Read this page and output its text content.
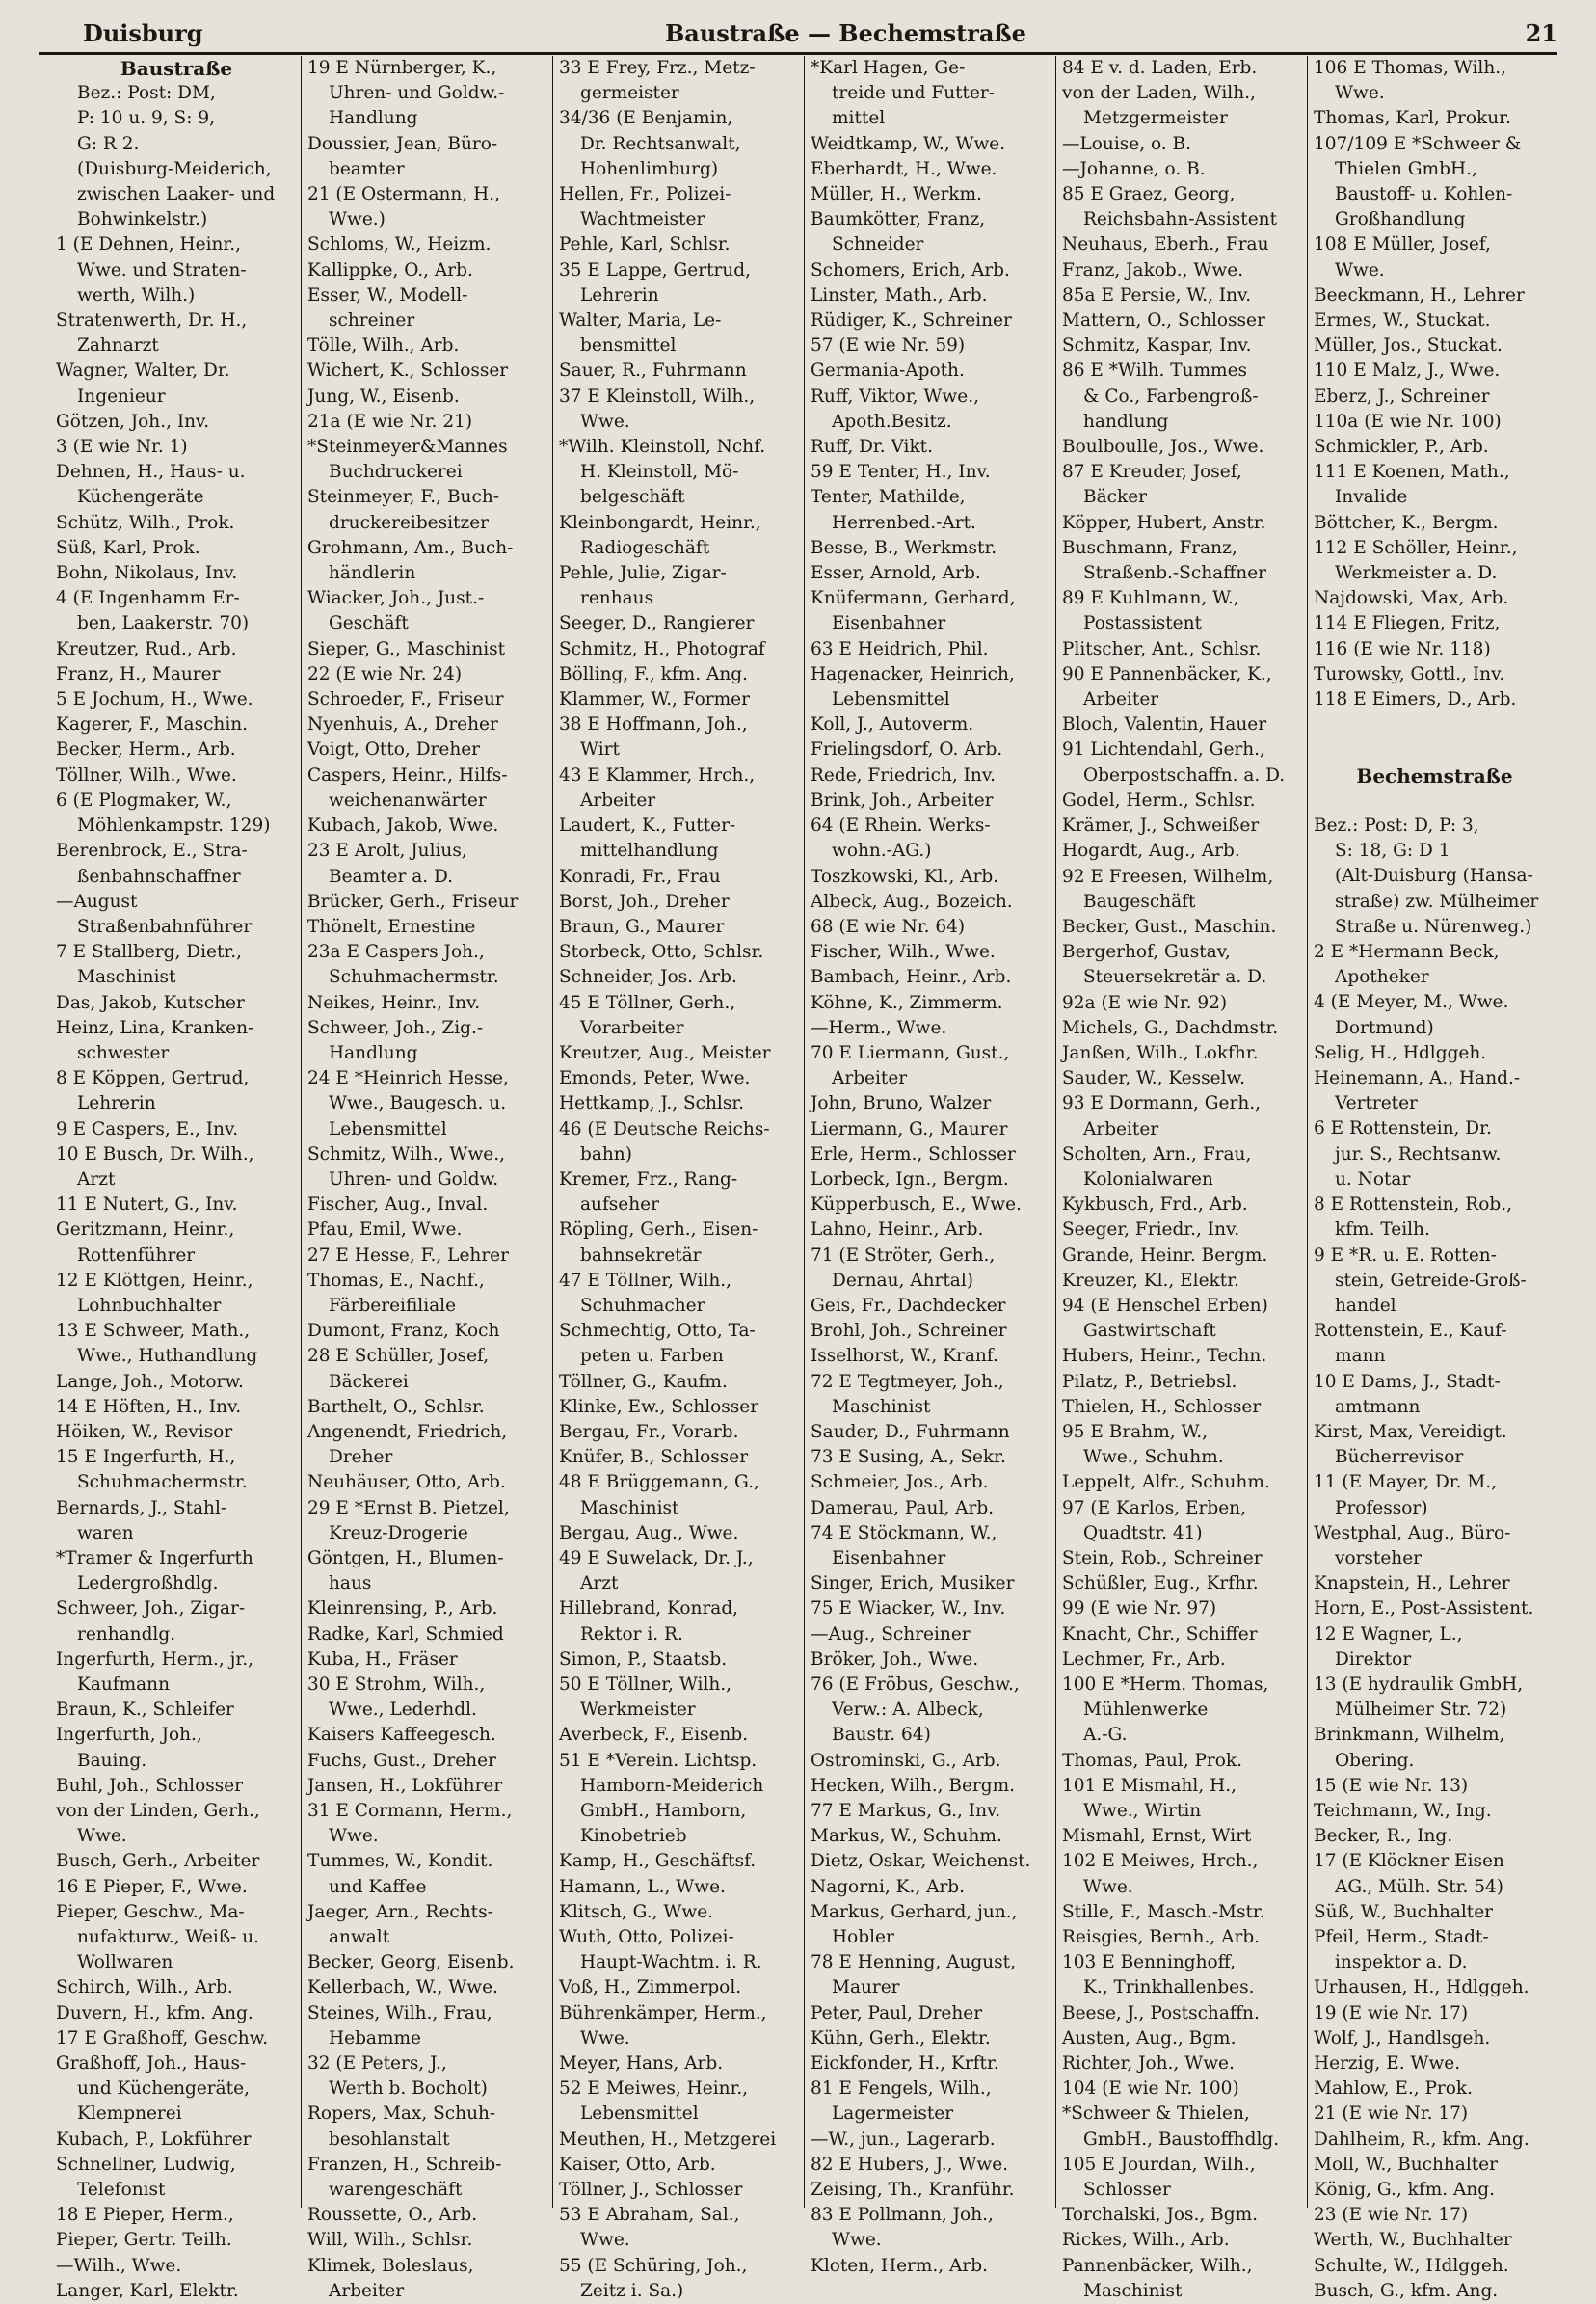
Duisburg	Baustraße — Bechemstraße	21
Baustraße
Bez.: Post: DM,
P: 10 u. 9, S: 9,
G: R 2.
(Duisburg-Meiderich,
zwischen Laaker- und
Bohwinkelstr.)
1 (E Dehnen, Heinr.,
Wwe. und Straten-
werth, Wilh.)
Stratenwerth, Dr. H.,
Zahnarzt
Wagner, Walter, Dr.
Ingenieur
Götzen, Joh., Inv.
3 (E wie Nr. 1)
Dehnen, H., Haus- u.
Küchengeräte
Schütz, Wilh., Prok.
Süß, Karl, Prok.
Bohn, Nikolaus, Inv.
4 (E Ingenhamm Er-
ben, Laakerstr. 70)
Kreutzer, Rud., Arb.
Franz, H., Maurer
5 E Jochum, H., Wwe.
Kagerer, F., Maschin.
Becker, Herm., Arb.
Töllner, Wilh., Wwe.
6 (E Plogmaker, W.,
Möhlenkampstr. 129)
Berenbrock, E., Stra-
ßenbahnschaffner
—August
Straßenbahnführer
7 E Stallberg, Dietr.,
Maschinist
Das, Jakob, Kutscher
Heinz, Lina, Kranken-
schwester
8 E Köppen, Gertrud,
Lehrerin
9 E Caspers, E., Inv.
10 E Busch, Dr. Wilh.,
Arzt
11 E Nutert, G., Inv.
Geritzmann, Heinr.,
Rottenführer
12 E Klöttgen, Heinr.,
Lohnbuchhalter
13 E Schweer, Math.,
Wwe., Huthandlung
Lange, Joh., Motorw.
14 E Höften, H., Inv.
Höiken, W., Revisor
15 E Ingerfurth, H.,
Schuhmachermstr.
Bernards, J., Stahl-
waren
*Tramer & Ingerfurth
Ledergroßhdlg.
Schweer, Joh., Zigar-
renhandlg.
Ingerfurth, Herm., jr.,
Kaufmann
Braun, K., Schleifer
Ingerfurth, Joh.,
Bauing.
Buhl, Joh., Schlosser
von der Linden, Gerh.,
Wwe.
Busch, Gerh., Arbeiter
16 E Pieper, F., Wwe.
Pieper, Geschw., Ma-
nufakturw., Weiß- u.
Wollwaren
Schirch, Wilh., Arb.
Duvern, H., kfm. Ang.
17 E Graßhoff, Geschw.
Graßhoff, Joh., Haus-
und Küchengeräte,
Klempnerei
Kubach, P., Lokführer
Schnellner, Ludwig,
Telefonist
18 E Pieper, Herm.,
Pieper, Gertr. Teilh.
—Wilh., Wwe.
Langer, Karl, Elektr.
19 E Nürnberger, K.,
Uhren- und Goldw.-
Handlung
Doussier, Jean, Büro-
beamter
21 (E Ostermann, H.,
Wwe.)
Schloms, W., Heizm.
Kallippke, O., Arb.
Esser, W., Modell-
schreiner
Tölle, Wilh., Arb.
Wichert, K., Schlosser
Jung, W., Eisenb.
21a (E wie Nr. 21)
*Steinmeyer&Mannes
Buchdruckerei
Steinmeyer, F., Buch-
druckereibesitzer
Grohmann, Am., Buch-
händlerin
Wiacker, Joh., Just.-
Geschäft
Sieper, G., Maschinist
22 (E wie Nr. 24)
Schroeder, F., Friseur
Nyenhuis, A., Dreher
Voigt, Otto, Dreher
Caspers, Heinr., Hilfs-
weichenanwärter
Kubach, Jakob, Wwe.
23 E Arolt, Julius,
Beamter a. D.
Brücker, Gerh., Friseur
Thönelt, Ernestine
23a E Caspers Joh.,
Schuhmachermstr.
Neikes, Heinr., Inv.
Schweer, Joh., Zig.-
Handlung
24 E *Heinrich Hesse,
Wwe., Baugesch. u.
Lebensmittel
Schmitz, Wilh., Wwe.,
Uhren- und Goldw.
Fischer, Aug., Inval.
Pfau, Emil, Wwe.
27 E Hesse, F., Lehrer
Thomas, E., Nachf.,
Färbereifiliale
Dumont, Franz, Koch
28 E Schüller, Josef,
Bäckerei
Barthelt, O., Schlsr.
Angenendt, Friedrich,
Dreher
Neuhäuser, Otto, Arb.
29 E *Ernst B. Pietzel,
Kreuz-Drogerie
Göntgen, H., Blumen-
haus
Kleinrensing, P., Arb.
Radke, Karl, Schmied
Kuba, H., Fräser
30 E Strohm, Wilh.,
Wwe., Lederhdl.
Kaisers Kaffeegesch.
Fuchs, Gust., Dreher
Jansen, H., Lokführer
31 E Cormann, Herm.,
Wwe.
Tummes, W., Kondit.
und Kaffee
Jaeger, Arn., Rechts-
anwalt
Becker, Georg, Eisenb.
Kellerbach, W., Wwe.
Steines, Wilh., Frau,
Hebamme
32 (E Peters, J.,
Werth b. Bocholt)
Ropers, Max, Schuh-
besohlanstalt
Franzen, H., Schreib-
warengeschäft
Roussette, O., Arb.
Will, Wilh., Schlsr.
Klimek, Boleslaus,
Arbeiter
33 E Frey, Frz., Metz-
germeister
34/36 (E Benjamin,
Dr. Rechtsanwalt,
Hohenlimburg)
Hellen, Fr., Polizei-
Wachtmeister
Pehle, Karl, Schlsr.
35 E Lappe, Gertrud,
Lehrerin
Walter, Maria, Le-
bensmittel
Sauer, R., Fuhrmann
37 E Kleinstoll, Wilh.,
Wwe.
*Wilh. Kleinstoll, Nchf.
H. Kleinstoll, Mö-
belgeschäft
Kleinbongardt, Heinr.,
Radiogeschäft
Pehle, Julie, Zigar-
renhaus
Seeger, D., Rangierer
Schmitz, H., Photograf
Bölling, F., kfm. Ang.
Klammer, W., Former
38 E Hoffmann, Joh.,
Wirt
43 E Klammer, Hrch.,
Arbeiter
Laudert, K., Futter-
mittelhandlung
Konradi, Fr., Frau
Borst, Joh., Dreher
Braun, G., Maurer
Storbeck, Otto, Schlsr.
Schneider, Jos. Arb.
45 E Töllner, Gerh.,
Vorarbeiter
Kreutzer, Aug., Meister
Emonds, Peter, Wwe.
Hettkamp, J., Schlsr.
46 (E Deutsche Reichs-
bahn)
Kremer, Frz., Rang-
aufseher
Röpling, Gerh., Eisen-
bahnsekretär
47 E Töllner, Wilh.,
Schuhmacher
Schmechtig, Otto, Ta-
peten u. Farben
Töllner, G., Kaufm.
Klinke, Ew., Schlosser
Bergau, Fr., Vorarb.
Knüfer, B., Schlosser
48 E Brüggemann, G.,
Maschinist
Bergau, Aug., Wwe.
49 E Suwelack, Dr. J.,
Arzt
Hillebrand, Konrad,
Rektor i. R.
Simon, P., Staatsb.
50 E Töllner, Wilh.,
Werkmeister
Averbeck, F., Eisenb.
51 E *Verein. Lichtsp.
Hamborn-Meiderich
GmbH., Hamborn,
Kinobetrieb
Kamp, H., Geschäftsf.
Hamann, L., Wwe.
Klitsch, G., Wwe.
Wuth, Otto, Polizei-
Haupt-Wachtm. i. R.
Voß, H., Zimmerpol.
Bührenkämper, Herm.,
Wwe.
Meyer, Hans, Arb.
52 E Meiwes, Heinr.,
Lebensmittel
Meuthen, H., Metzgerei
Kaiser, Otto, Arb.
Töllner, J., Schlosser
53 E Abraham, Sal.,
Wwe.
55 (E Schüring, Joh.,
Zeitz i. Sa.)
*Karl Hagen, Ge-
treide und Futter-
mittel
Weidtkamp, W., Wwe.
Eberhardt, H., Wwe.
Müller, H., Werkm.
Baumkötter, Franz,
Schneider
Schomers, Erich, Arb.
Linster, Math., Arb.
Rüdiger, K., Schreiner
57 (E wie Nr. 59)
Germania-Apoth.
Ruff, Viktor, Wwe.,
Apoth.Besitz.
Ruff, Dr. Vikt.
59 E Tenter, H., Inv.
Tenter, Mathilde,
Herrenbed.-Art.
Besse, B., Werkmstr.
Esser, Arnold, Arb.
Knüfermann, Gerhard,
Eisenbahner
63 E Heidrich, Phil.
Hagenacker, Heinrich,
Lebensmittel
Koll, J., Autoverm.
Frielingsdorf, O. Arb.
Rede, Friedrich, Inv.
Brink, Joh., Arbeiter
64 (E Rhein. Werks-
wohn.-AG.)
Toszkowski, Kl., Arb.
Albeck, Aug., Bozeich.
68 (E wie Nr. 64)
Fischer, Wilh., Wwe.
Bambach, Heinr., Arb.
Köhne, K., Zimmerm.
—Herm., Wwe.
70 E Liermann, Gust.,
Arbeiter
John, Bruno, Walzer
Liermann, G., Maurer
Erle, Herm., Schlosser
Lorbeck, Ign., Bergm.
Küpperbusch, E., Wwe.
Lahno, Heinr., Arb.
71 (E Ströter, Gerh.,
Dernau, Ahrtal)
Geis, Fr., Dachdecker
Brohl, Joh., Schreiner
Isselhorst, W., Kranf.
72 E Tegtmeyer, Joh.,
Maschinist
Sauder, D., Fuhrmann
73 E Susing, A., Sekr.
Schmeier, Jos., Arb.
Damerau, Paul, Arb.
74 E Stöckmann, W.,
Eisenbahner
Singer, Erich, Musiker
75 E Wiacker, W., Inv.
—Aug., Schreiner
Bröker, Joh., Wwe.
76 (E Fröbus, Geschw.,
Verw.: A. Albeck,
Baustr. 64)
Ostrominski, G., Arb.
Hecken, Wilh., Bergm.
77 E Markus, G., Inv.
Markus, W., Schuhm.
Dietz, Oskar, Weichenst.
Nagorni, K., Arb.
Markus, Gerhard, jun.,
Hobler
78 E Henning, August,
Maurer
Peter, Paul, Dreher
Kühn, Gerh., Elektr.
Eickfonder, H., Krftr.
81 E Fengels, Wilh.,
Lagermeister
—W., jun., Lagerarb.
82 E Hubers, J., Wwe.
Zeising, Th., Kranführ.
83 E Pollmann, Joh.,
Wwe.
Kloten, Herm., Arb.
84 E v. d. Laden, Erb.
von der Laden, Wilh.,
Metzgermeister
—Louise, o. B.
—Johanne, o. B.
85 E Graez, Georg,
Reichsbahn-Assistent
Neuhaus, Eberh., Frau
Franz, Jakob., Wwe.
85a E Persie, W., Inv.
Mattern, O., Schlosser
Schmitz, Kaspar, Inv.
86 E *Wilh. Tummes
& Co., Farbengroß-
handlung
Boulboulle, Jos., Wwe.
87 E Kreuder, Josef,
Bäcker
Köpper, Hubert, Anstr.
Buschmann, Franz,
Straßenb.-Schaffner
89 E Kuhlmann, W.,
Postassistent
Plitscher, Ant., Schlsr.
90 E Pannenbäcker, K.,
Arbeiter
Bloch, Valentin, Hauer
91 Lichtendahl, Gerh.,
Oberpostschaffn. a. D.
Godel, Herm., Schlsr.
Krämer, J., Schweißer
Hogardt, Aug., Arb.
92 E Freesen, Wilhelm,
Baugeschäft
Becker, Gust., Maschin.
Bergerhof, Gustav,
Steuersekretär a. D.
92a (E wie Nr. 92)
Michels, G., Dachdmstr.
Janßen, Wilh., Lokfhr.
Sauder, W., Kesselw.
93 E Dormann, Gerh.,
Arbeiter
Scholten, Arn., Frau,
Kolonialwaren
Kykbusch, Frd., Arb.
Seeger, Friedr., Inv.
Grande, Heinr. Bergm.
Kreuzer, Kl., Elektr.
94 (E Henschel Erben)
Gastwirtschaft
Hubers, Heinr., Techn.
Pilatz, P., Betriebsl.
Thielen, H., Schlosser
95 E Brahm, W.,
Wwe., Schuhm.
Leppelt, Alfr., Schuhm.
97 (E Karlos, Erben,
Quadtstr. 41)
Stein, Rob., Schreiner
Schüßler, Eug., Krfhr.
99 (E wie Nr. 97)
Knacht, Chr., Schiffer
Lechmer, Fr., Arb.
100 E *Herm. Thomas,
Mühlenwerke
A.-G.
Thomas, Paul, Prok.
101 E Mismahl, H.,
Wwe., Wirtin
Mismahl, Ernst, Wirt
102 E Meiwes, Hrch.,
Wwe.
Stille, F., Masch.-Mstr.
Reisgies, Bernh., Arb.
103 E Benninghoff,
K., Trinkhallenbes.
Beese, J., Postschaffn.
Austen, Aug., Bgm.
Richter, Joh., Wwe.
104 (E wie Nr. 100)
*Schweer & Thielen,
GmbH., Baustoffhdlg.
105 E Jourdan, Wilh.,
Schlosser
Torchalski, Jos., Bgm.
Rickes, Wilh., Arb.
Pannenbäcker, Wilh.,
Maschinist
106 E Thomas, Wilh.,
Wwe.
Thomas, Karl, Prokur.
107/109 E *Schweer &
Thielen GmbH.,
Baustoff- u. Kohlen-
Großhandlung
108 E Müller, Josef,
Wwe.
Beeckmann, H., Lehrer
Ermes, W., Stuckat.
Müller, Jos., Stuckat.
110 E Malz, J., Wwe.
Eberz, J., Schreiner
110a (E wie Nr. 100)
Schmickler, P., Arb.
111 E Koenen, Math.,
Invalide
Böttcher, K., Bergm.
112 E Schöller, Heinr.,
Werkmeister a. D.
Najdowski, Max, Arb.
114 E Fliegen, Fritz,
116 (E wie Nr. 118)
Turowsky, Gottl., Inv.
118 E Eimers, D., Arb.
Bechemstraße
Bez.: Post: D, P: 3,
S: 18, G: D 1
(Alt-Duisburg (Hansa-
straße) zw. Mülheimer
Straße u. Nürenweg.)
2 E *Hermann Beck,
Apotheker
4 (E Meyer, M., Wwe.
Dortmund)
Selig, H., Hdlggeh.
Heinemann, A., Hand.-
Vertreter
6 E Rottenstein, Dr.
jur. S., Rechtsanw.
u. Notar
8 E Rottenstein, Rob.,
kfm. Teilh.
9 E *R. u. E. Rotten-
stein, Getreide-Groß-
handel
Rottenstein, E., Kauf-
mann
10 E Dams, J., Stadt-
amtmann
Kirst, Max, Vereidigt.
Bücherrevisor
11 (E Mayer, Dr. M.,
Professor)
Westphal, Aug., Büro-
vorsteher
Knapstein, H., Lehrer
Horn, E., Post-Assistent.
12 E Wagner, L.,
Direktor
13 (E hydraulik GmbH,
Mülheimer Str. 72)
Brinkmann, Wilhelm,
Obering.
15 (E wie Nr. 13)
Teichmann, W., Ing.
Becker, R., Ing.
17 (E Klöckner Eisen
AG., Mülh. Str. 54)
Süß, W., Buchhalter
Pfeil, Herm., Stadt-
inspektor a. D.
Urhausen, H., Hdlggeh.
19 (E wie Nr. 17)
Wolf, J., Handlsgeh.
Herzig, E. Wwe.
Mahlow, E., Prok.
21 (E wie Nr. 17)
Dahlheim, R., kfm. Ang.
Moll, W., Buchhalter
König, G., kfm. Ang.
23 (E wie Nr. 17)
Werth, W., Buchhalter
Schulte, W., Hdlggeh.
Busch, G., kfm. Ang.
